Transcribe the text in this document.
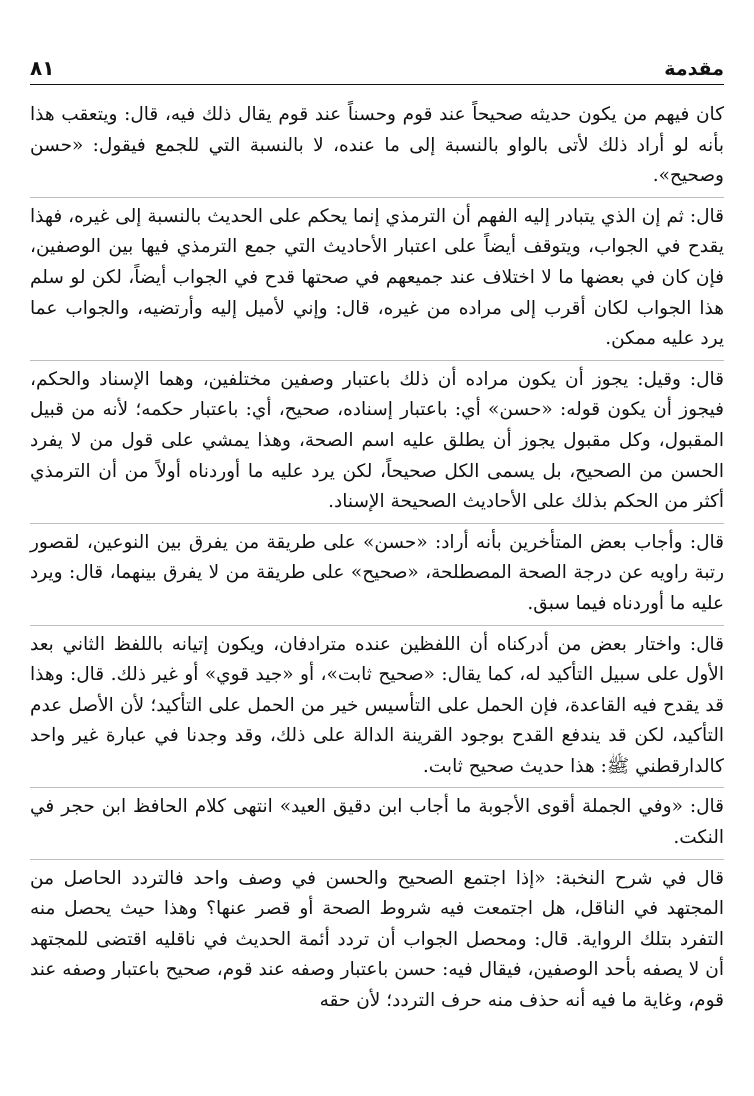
مقدمة
٨١

كان فيهم من يكون حديثه صحيحاً عند قوم وحسناً عند قوم يقال ذلك فيه، قال: ويتعقب هذا بأنه لو أراد ذلك لأتى بالواو بالنسبة إلى ما عنده، لا بالنسبة التي للجمع فيقول: «حسن وصحيح».

قال: ثم إن الذي يتبادر إليه الفهم أن الترمذي إنما يحكم على الحديث بالنسبة إلى غيره، فهذا يقدح في الجواب، ويتوقف أيضاً على اعتبار الأحاديث التي جمع الترمذي فيها بين الوصفين، فإن كان في بعضها ما لا اختلاف عند جميعهم في صحتها قدح في الجواب أيضاً، لكن لو سلم هذا الجواب لكان أقرب إلى مراده من غيره، قال: وإني لأميل إليه وأرتضيه، والجواب عما يرد عليه ممكن.

قال: وقيل: يجوز أن يكون مراده أن ذلك باعتبار وصفين مختلفين، وهما الإسناد والحكم، فيجوز أن يكون قوله: «حسن» أي: باعتبار إسناده، صحيح، أي: باعتبار حكمه؛ لأنه من قبيل المقبول، وكل مقبول يجوز أن يطلق عليه اسم الصحة، وهذا يمشي على قول من لا يفرد الحسن من الصحيح، بل يسمى الكل صحيحاً، لكن يرد عليه ما أوردناه أولاً من أن الترمذي أكثر من الحكم بذلك على الأحاديث الصحيحة الإسناد.

قال: وأجاب بعض المتأخرين بأنه أراد: «حسن» على طريقة من يفرق بين النوعين، لقصور رتبة راويه عن درجة الصحة المصطلحة، «صحيح» على طريقة من لا يفرق بينهما، قال: ويرد عليه ما أوردناه فيما سبق.

قال: واختار بعض من أدركناه أن اللفظين عنده مترادفان، ويكون إتيانه باللفظ الثاني بعد الأول على سبيل التأكيد له، كما يقال: «صحيح ثابت»، أو «جيد قوي» أو غير ذلك. قال: وهذا قد يقدح فيه القاعدة، فإن الحمل على التأسيس خير من الحمل على التأكيد؛ لأن الأصل عدم التأكيد، لكن قد يندفع القدح بوجود القرينة الدالة على ذلك، وقد وجدنا في عبارة غير واحد كالدارقطني ﷺ: هذا حديث صحيح ثابت.

قال: «وفي الجملة أقوى الأجوبة ما أجاب ابن دقيق العيد» انتهى كلام الحافظ ابن حجر في النكت.

قال في شرح النخبة: «إذا اجتمع الصحيح والحسن في وصف واحد فالتردد الحاصل من المجتهد في الناقل، هل اجتمعت فيه شروط الصحة أو قصر عنها؟ وهذا حيث يحصل منه التفرد بتلك الرواية. قال: ومحصل الجواب أن تردد أئمة الحديث في ناقليه اقتضى للمجتهد أن لا يصفه بأحد الوصفين، فيقال فيه: حسن باعتبار وصفه عند قوم، صحيح باعتبار وصفه عند قوم، وغاية ما فيه أنه حذف منه حرف التردد؛ لأن حقه
